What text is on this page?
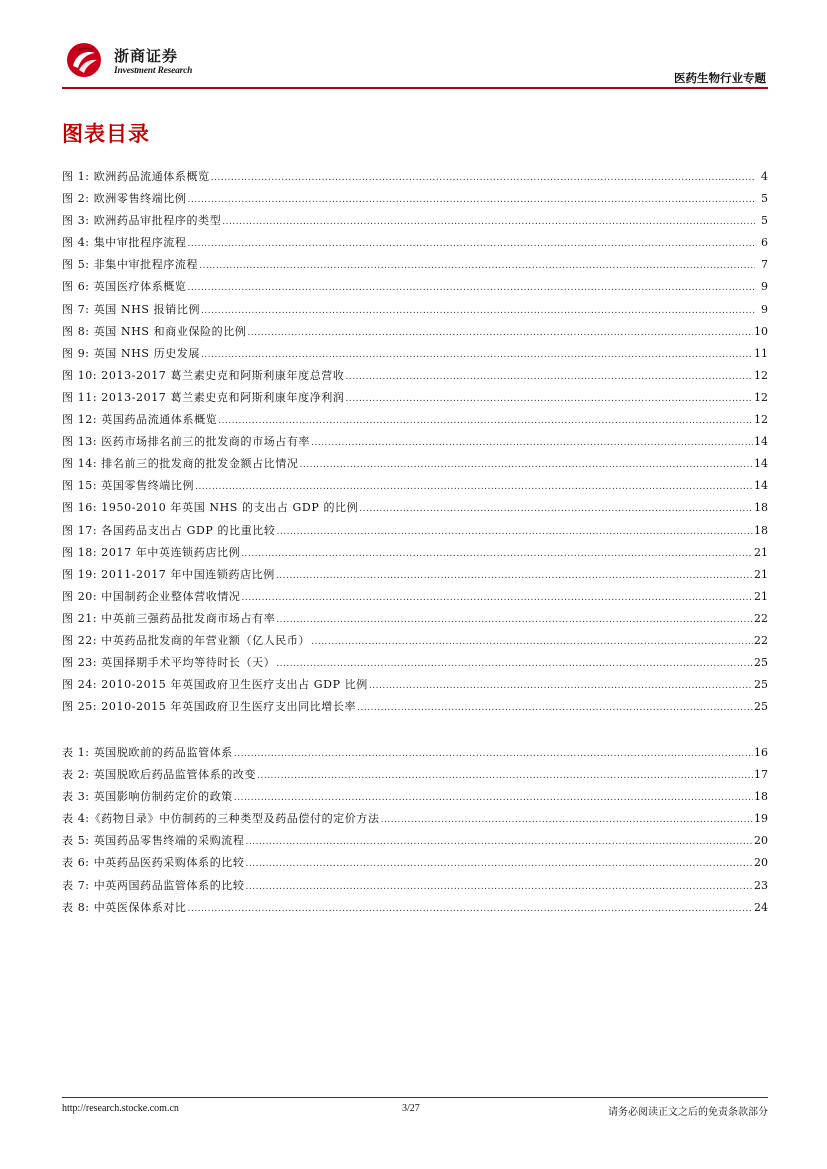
浙商证券
Investment Research	医药生物行业专题
图表目录
图 1: 欧洲药品流通体系概览 .....	4
图 2: 欧洲零售终端比例 .....	5
图 3: 欧洲药品审批程序的类型 .....	5
图 4: 集中审批程序流程 .....	6
图 5: 非集中审批程序流程 .....	7
图 6: 英国医疗体系概览 .....	9
图 7: 英国 NHS 报销比例 .....	9
图 8: 英国 NHS 和商业保险的比例 .....	10
图 9: 英国 NHS 历史发展 .....	11
图 10: 2013-2017 葛兰素史克和阿斯利康年度总营收 .....	12
图 11: 2013-2017 葛兰素史克和阿斯利康年度净利润 .....	12
图 12: 英国药品流通体系概览 .....	12
图 13: 医药市场排名前三的批发商的市场占有率 .....	14
图 14: 排名前三的批发商的批发金额占比情况 .....	14
图 15: 英国零售终端比例 .....	14
图 16: 1950-2010 年英国 NHS 的支出占 GDP 的比例 .....	18
图 17: 各国药品支出占 GDP 的比重比较 .....	18
图 18: 2017 年中英连锁药店比例 .....	21
图 19: 2011-2017 年中国连锁药店比例 .....	21
图 20: 中国制药企业整体营收情况 .....	21
图 21: 中英前三强药品批发商市场占有率 .....	22
图 22: 中英药品批发商的年营业额（亿人民币） .....	22
图 23: 英国择期手术平均等待时长（天） .....	25
图 24: 2010-2015 年英国政府卫生医疗支出占 GDP 比例 .....	25
图 25: 2010-2015 年英国政府卫生医疗支出同比增长率 .....	25
表 1: 英国脱欧前的药品监管体系 .....	16
表 2: 英国脱欧后药品监管体系的改变 .....	17
表 3: 英国影响仿制药定价的政策 .....	18
表 4:《药物目录》中仿制药的三种类型及药品偿付的定价方法 .....	19
表 5: 英国药品零售终端的采购流程 .....	20
表 6: 中英药品医药采购体系的比较 .....	20
表 7: 中英两国药品监管体系的比较 .....	23
表 8: 中英医保体系对比 .....	24
http://research.stocke.com.cn	3/27	请务必阅读正文之后的免责条款部分
